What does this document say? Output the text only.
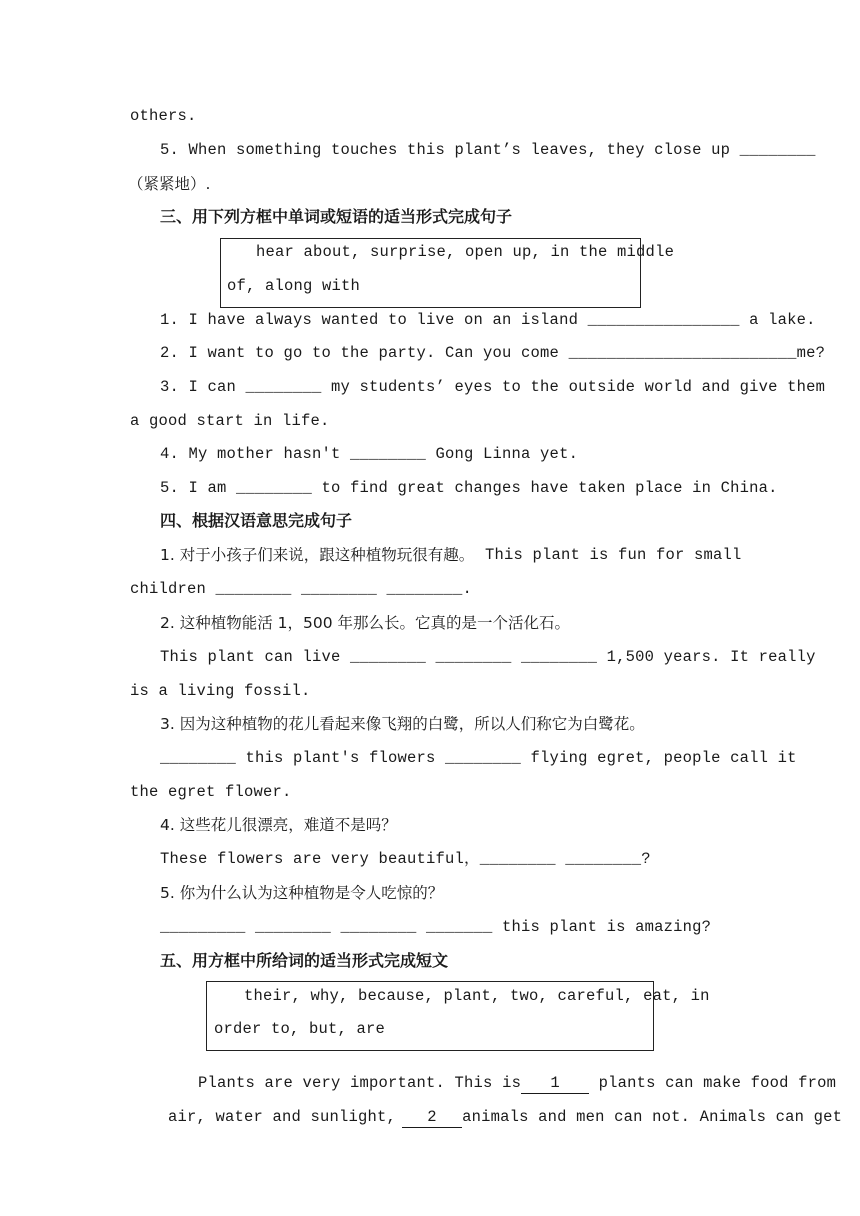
others.
5. When something touches this plant’s leaves, they close up ________
（紧紧地）.
三、用下列方框中单词或短语的适当形式完成句子
hear about, surprise, open up, in the middle
of, along with
1. I have always wanted to live on an island ________________ a lake.
2. I want to go to the party. Can you come ________________________me?
3. I can ________ my students’ eyes to the outside world and give them
a good start in life.
4. My mother hasn't ________ Gong Linna yet.
5. I am ________ to find great changes have taken place in China.
四、根据汉语意思完成句子
1. 对于小孩子们来说，跟这种植物玩很有趣。 This plant is fun for small
children ________ ________ ________.
2. 这种植物能活 1，500 年那么长。它真的是一个活化石。
This plant can live ________ ________ ________ 1,500 years. It really
is a living fossil.
3. 因为这种植物的花儿看起来像飞翔的白鹭，所以人们称它为白鹭花。
________ this plant's flowers ________ flying egret, people call it
the egret flower.
4. 这些花儿很漂亮，难道不是吗？
These flowers are very beautiful，________ ________?
5. 你为什么认为这种植物是令人吃惊的？
_________ ________ ________ _______ this plant is amazing?
五、用方框中所给词的适当形式完成短文
their, why, because, plant, two, careful, eat, in
order to, but, are

Plants are very important. This is 1 plants can make food from

air, water and sunlight, 2 animals and men can not. Animals can get
